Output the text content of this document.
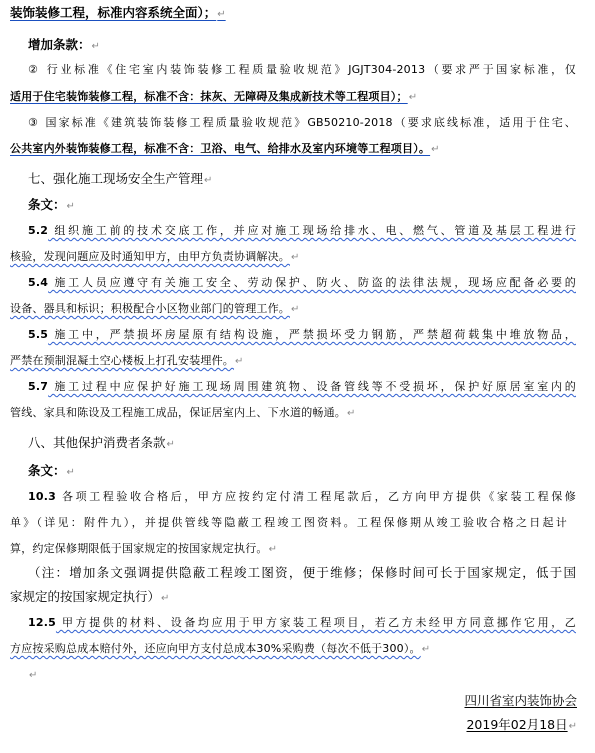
装饰装修工程，标准内容系统全面）；↵
增加条款：↵
② 行业标准《住宅室内装饰装修工程质量验收规范》JGJT304-2013（要求严于国家标准，仅
适用于住宅装饰装修工程，标准不含：抹灰、无障碍及集成新技术等工程项目）；↵
③ 国家标准《建筑装饰装修工程质量验收规范》GB50210-2018（要求底线标准，适用于住宅、
公共室内外装饰装修工程，标准不含：卫浴、电气、给排水及室内环境等工程项目）。↵
七、强化施工现场安全生产管理↵
条文：↵
5.2 组织施工前的技术交底工作，并应对施工现场给排水、电、燃气、管道及基层工程进行
核验，发现问题应及时通知甲方，由甲方负责协调解决。↵
5.4 施工人员应遵守有关施工安全、劳动保护、防火、防盗的法律法规，现场应配备必要的
设备、器具和标识；积极配合小区物业部门的管理工作。↵
5.5 施工中，严禁损坏房屋原有结构设施，严禁损坏受力钢筋，严禁超荷载集中堆放物品，
严禁在预制混凝土空心楼板上打孔安装埋件。↵
5.7 施工过程中应保护好施工现场周围建筑物、设备管线等不受损坏，保护好原居室室内的
管线、家具和陈设及工程施工成品，保证居室内上、下水道的畅通。↵
八、其他保护消费者条款↵
条文：↵
10.3 各项工程验收合格后，甲方应按约定付清工程尾款后，乙方向甲方提供《家装工程保修
单》（详见：附件九），并提供管线等隐蔽工程竣工图资料。工程保修期从竣工验收合格之日起计
算，约定保修期限低于国家规定的按国家规定执行。↵
（注：增加条文强调提供隐蔽工程竣工图资，便于维修；保修时间可长于国家规定，低于国
家规定的按国家规定执行）↵
12.5 甲方提供的材料、设备均应用于甲方家装工程项目，若乙方未经甲方同意挪作它用，乙
方应按采购总成本赔付外，还应向甲方支付总成本30%采购费（每次不低于300）。↵
↵
四川省室内装饰协会
2019年02月18日↵
